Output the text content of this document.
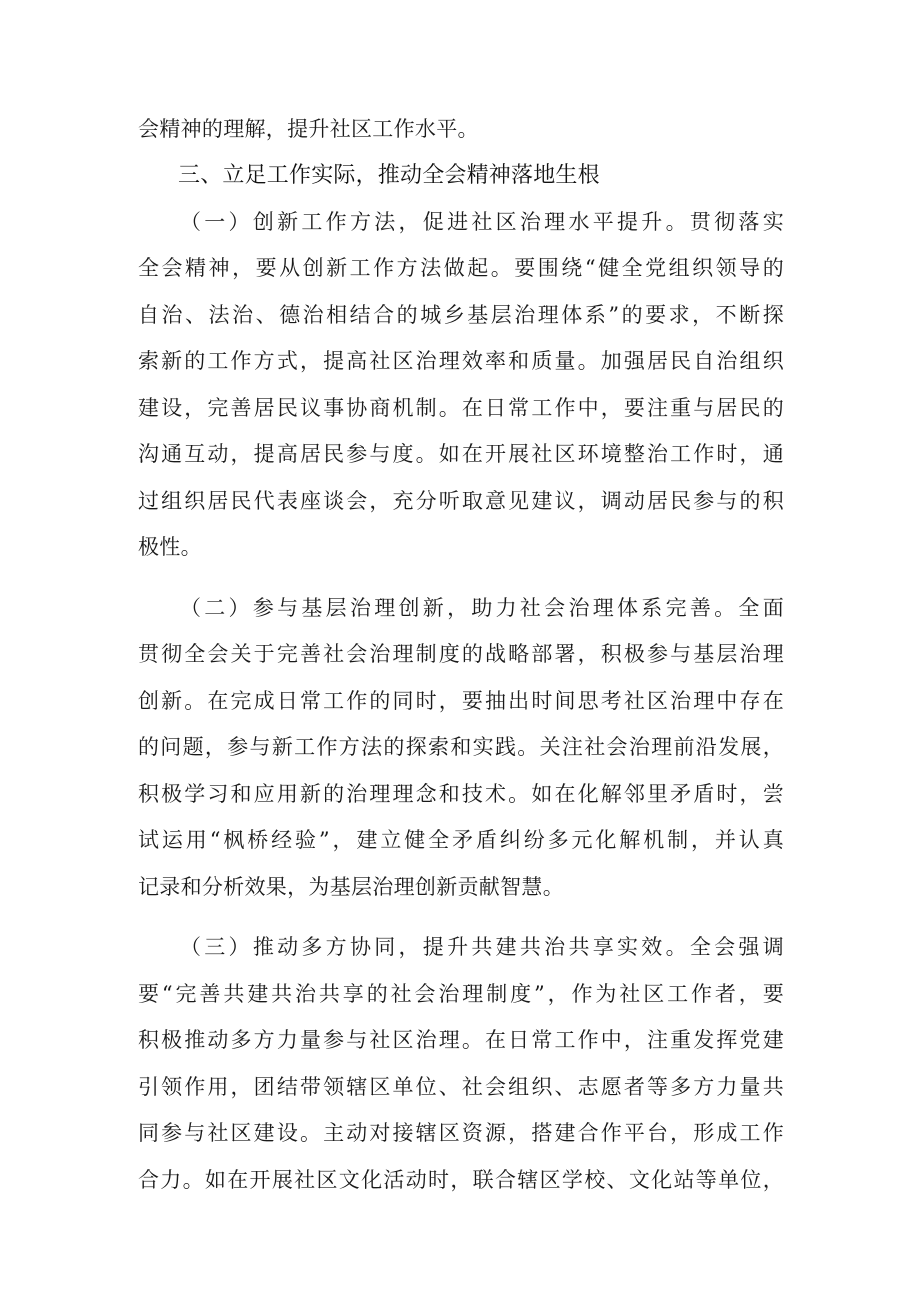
会精神的理解，提升社区工作水平。
三、立足工作实际，推动全会精神落地生根
（一）创新工作方法，促进社区治理水平提升。贯彻落实
全会精神，要从创新工作方法做起。要围绕“健全党组织领导的
自治、法治、德治相结合的城乡基层治理体系”的要求，不断探
索新的工作方式，提高社区治理效率和质量。加强居民自治组织
建设，完善居民议事协商机制。在日常工作中，要注重与居民的
沟通互动，提高居民参与度。如在开展社区环境整治工作时，通
过组织居民代表座谈会，充分听取意见建议，调动居民参与的积
极性。
（二）参与基层治理创新，助力社会治理体系完善。全面
贯彻全会关于完善社会治理制度的战略部署，积极参与基层治理
创新。在完成日常工作的同时，要抽出时间思考社区治理中存在
的问题，参与新工作方法的探索和实践。关注社会治理前沿发展，
积极学习和应用新的治理理念和技术。如在化解邻里矛盾时，尝
试运用“枫桥经验”，建立健全矛盾纠纷多元化解机制，并认真
记录和分析效果，为基层治理创新贡献智慧。
（三）推动多方协同，提升共建共治共享实效。全会强调
要“完善共建共治共享的社会治理制度”，作为社区工作者，要
积极推动多方力量参与社区治理。在日常工作中，注重发挥党建
引领作用，团结带领辖区单位、社会组织、志愿者等多方力量共
同参与社区建设。主动对接辖区资源，搭建合作平台，形成工作
合力。如在开展社区文化活动时，联合辖区学校、文化站等单位，
